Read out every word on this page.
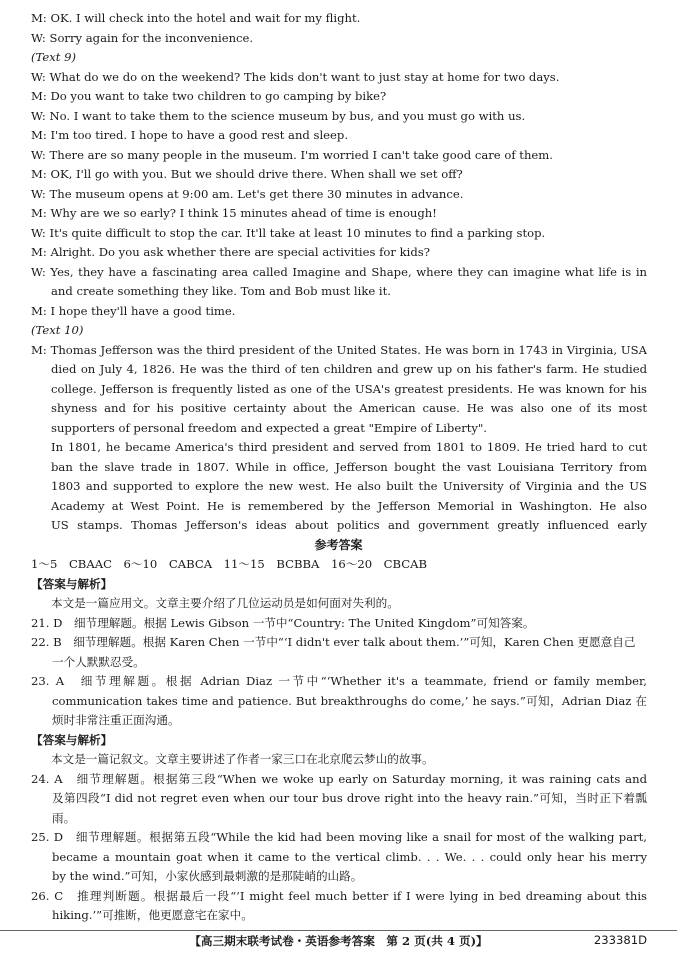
M: OK. I will check into the hotel and wait for my flight.
W: Sorry again for the inconvenience.
(Text 9)
W: What do we do on the weekend? The kids don't want to just stay at home for two days.
M: Do you want to take two children to go camping by bike?
W: No. I want to take them to the science museum by bus, and you must go with us.
M: I'm too tired. I hope to have a good rest and sleep.
W: There are so many people in the museum. I'm worried I can't take good care of them.
M: OK, I'll go with you. But we should drive there. When shall we set off?
W: The museum opens at 9:00 am. Let's get there 30 minutes in advance.
M: Why are we so early? I think 15 minutes ahead of time is enough!
W: It's quite difficult to stop the car. It'll take at least 10 minutes to find a parking stop.
M: Alright. Do you ask whether there are special activities for kids?
W: Yes, they have a fascinating area called Imagine and Shape, where they can imagine what life is in
and create something they like. Tom and Bob must like it.
M: I hope they'll have a good time.
(Text 10)
M: Thomas Jefferson was the third president of the United States. He was born in 1743 in Virginia, USA
died on July 4, 1826. He was the third of ten children and grew up on his father's farm. He studied
college. Jefferson is frequently listed as one of the USA's greatest presidents. He was known for his
shyness and for his positive certainty about the American cause. He was also one of its most
supporters of personal freedom and expected a great "Empire of Liberty".
In 1801, he became America's third president and served from 1801 to 1809. He tried hard to cut
ban the slave trade in 1807. While in office, Jefferson bought the vast Louisiana Territory from
1803 and supported to explore the new west. He also built the University of Virginia and the US
Academy at West Point. He is remembered by the Jefferson Memorial in Washington. He also
US stamps. Thomas Jefferson's ideas about politics and government greatly influenced early
参考答案
1～5　CBAAC　6～10　CABCA　11～15　BCBBA　16～20　CBCAB
【答案与解析】
本文是一篇应用文。文章主要介绍了几位运动员是如何面对失利的。
21. D　细节理解题。根据 Lewis Gibson 一节中“Country: The United Kingdom”可知答案。
22. B　细节理解题。根据 Karen Chen 一节中“‘I didn't ever talk about them.’”可知，Karen Chen 更愿意自己
一个人默默忍受。
23. A　细节理解题。根据 Adrian Diaz 一节中“‘Whether it's a teammate, friend or family member,
communication takes time and patience. But breakthroughs do come,’ he says.”可知，Adrian Diaz 在
烦时非常注重正面沟通。
【答案与解析】
本文是一篇记叙文。文章主要讲述了作者一家三口在北京爬云梦山的故事。
24. A　细节理解题。根据第三段“When we woke up early on Saturday morning, it was raining cats and
及第四段“I did not regret even when our tour bus drove right into the heavy rain.”可知，当时正下着瓢
雨。
25. D　细节理解题。根据第五段“While the kid had been moving like a snail for most of the walking part,
became a mountain goat when it came to the vertical climb. . . We. . . could only hear his merry
by the wind.”可知，小家伙感到最刺激的是那陡峭的山路。
26. C　推理判断题。根据最后一段“‘I might feel much better if I were lying in bed dreaming about this
hiking.’”可推断，他更愿意宅在家中。
【高三期末联考试卷・英语参考答案　第 2 页(共 4 页)】	233381D
